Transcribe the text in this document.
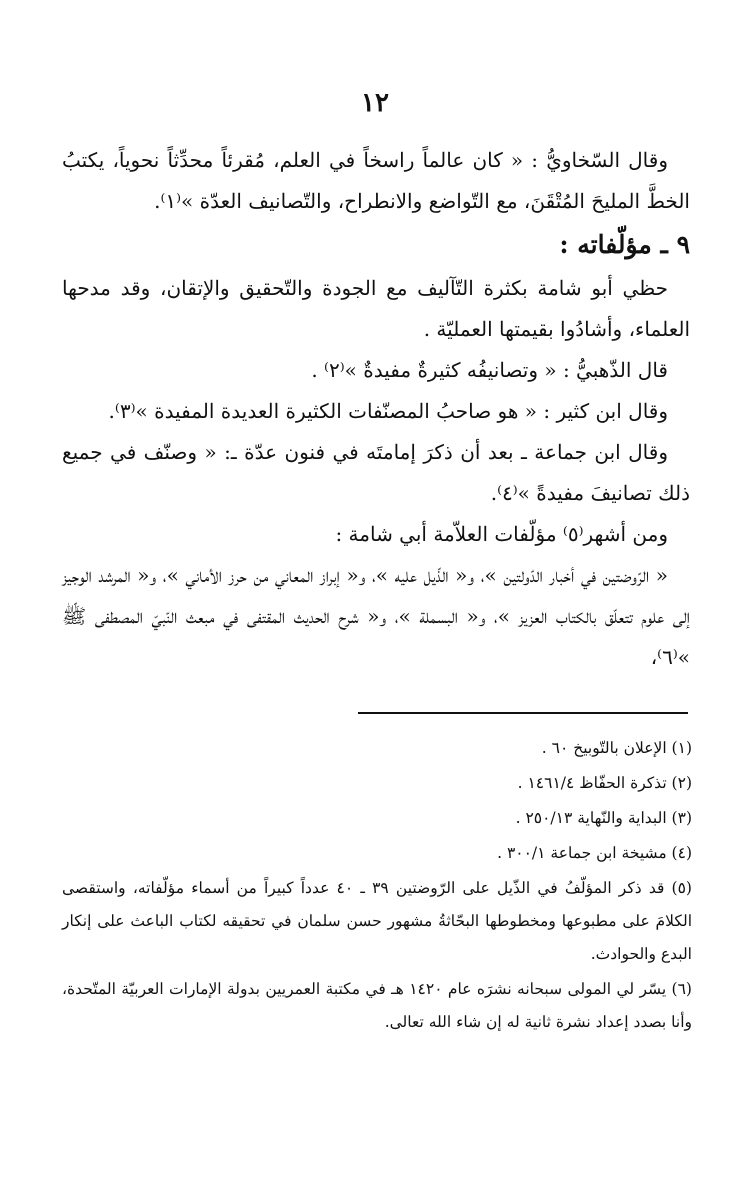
١٢

وقال السّخاويُّ : « كان عالماً راسخاً في العلم، مُقرئاً محدِّثاً نحوياً، يكتبُ الخطَّ المليحَ المُتْقَنَ، مع التّواضع والانطراح، والتّصانيف العدّة »⁽١⁾.

٩ ـ مؤلّفاته :

حظي أبو شامة بكثرة التّآليف مع الجودة والتّحقيق والإتقان، وقد مدحها العلماء، وأشادُوا بقيمتها العمليّة .

قال الذّهبيُّ : « وتصانيفُه كثيرةٌ مفيدةٌ »⁽٢⁾ .

وقال ابن كثير : « هو صاحبُ المصنّفات الكثيرة العديدة المفيدة »⁽٣⁾.

وقال ابن جماعة ـ بعد أن ذكرَ إمامتَه في فنون عدّة ـ: « وصنّف في جميع ذلك تصانيفَ مفيدةً »⁽٤⁾.

ومن أشهر⁽٥⁾ مؤلّفات العلاّمة أبي شامة :

« الرّوضتين في أخبار الدّولتين »، و« الذّيل عليه »، و« إبراز المعاني من حرز الأماني »، و« المرشد الوجيز إلى علوم تتعلّق بالكتاب العزيز »، و« البسملة »، و« شرح الحديث المقتفى في مبعث النّبيّ المصطفى ﷺ »⁽٦⁾،

(١) الإعلان بالتّوبيخ ٦٠ .

(٢) تذكرة الحفّاظ ١٤٦١/٤ .

(٣) البداية والنّهاية ٢٥٠/١٣ .

(٤) مشيخة ابن جماعة ٣٠٠/١ .

(٥) قد ذكر المؤلّفُ في الذّيل على الرّوضتين ٣٩ ـ ٤٠ عدداً كبيراً من أسماء مؤلّفاته، واستقصى الكلامَ على مطبوعها ومخطوطها البحّاثةُ مشهور حسن سلمان في تحقيقه لكتاب الباعث على إنكار البدع والحوادث.

(٦) يسّر لي المولى سبحانه نشرَه عام ١٤٢٠ هـ في مكتبة العمريين بدولة الإمارات العربيّة المتّحدة، وأنا بصدد إعداد نشرة ثانية له إن شاء الله تعالى.
